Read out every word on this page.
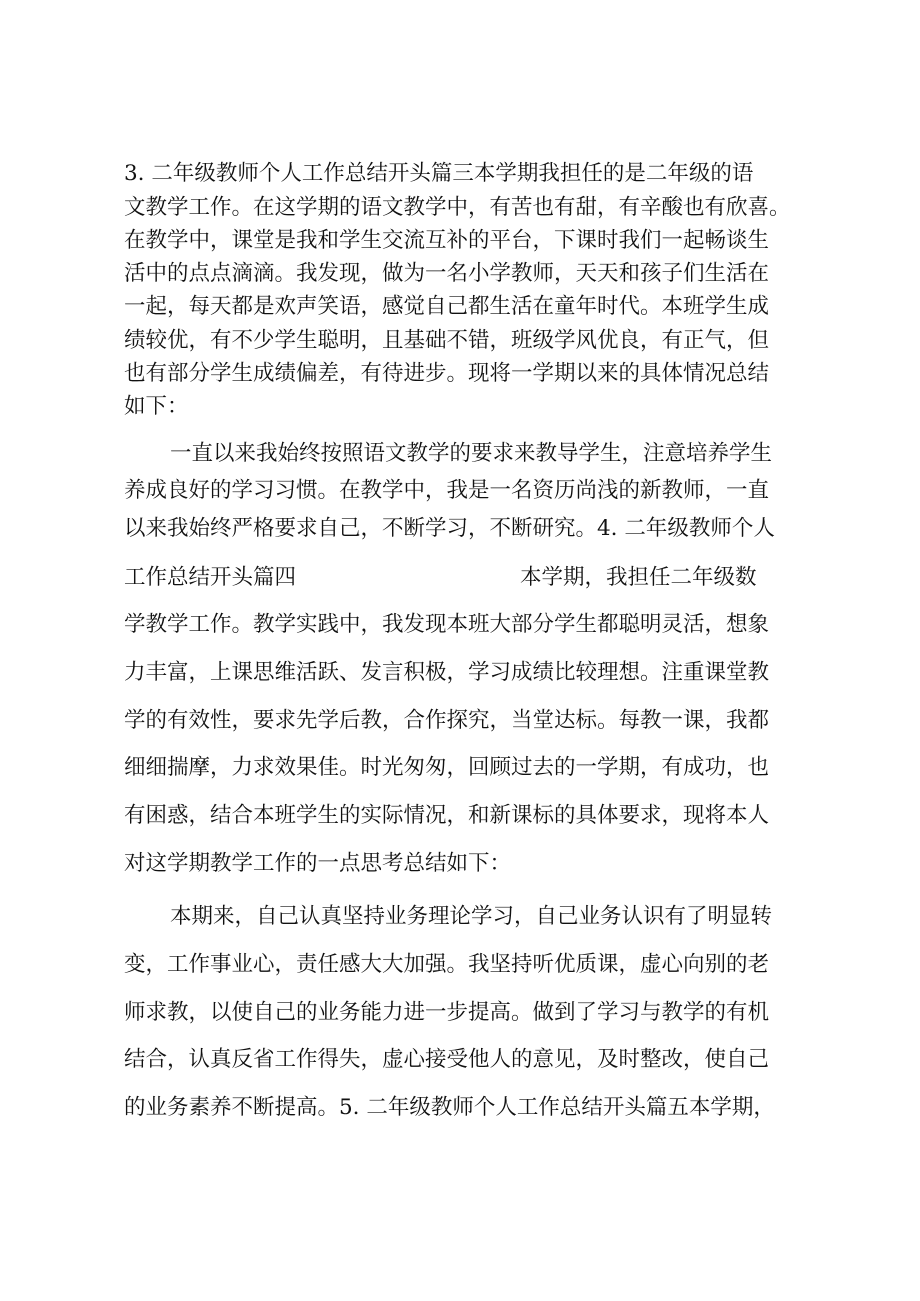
3. 二年级教师个人工作总结开头篇三本学期我担任的是二年级的语
文教学工作。在这学期的语文教学中，有苦也有甜，有辛酸也有欣喜。
在教学中，课堂是我和学生交流互补的平台，下课时我们一起畅谈生
活中的点点滴滴。我发现，做为一名小学教师，天天和孩子们生活在
一起，每天都是欢声笑语，感觉自己都生活在童年时代。本班学生成
绩较优，有不少学生聪明，且基础不错，班级学风优良，有正气，但
也有部分学生成绩偏差，有待进步。现将一学期以来的具体情况总结
如下：
一直以来我始终按照语文教学的要求来教导学生，注意培养学生
养成良好的学习习惯。在教学中，我是一名资历尚浅的新教师，一直
以来我始终严格要求自己，不断学习，不断研究。4. 二年级教师个人
工作总结开头篇四	本学期，我担任二年级数
学教学工作。教学实践中，我发现本班大部分学生都聪明灵活，想象
力丰富，上课思维活跃、发言积极，学习成绩比较理想。注重课堂教
学的有效性，要求先学后教，合作探究，当堂达标。每教一课，我都
细细揣摩，力求效果佳。时光匆匆，回顾过去的一学期，有成功，也
有困惑，结合本班学生的实际情况，和新课标的具体要求，现将本人
对这学期教学工作的一点思考总结如下：
本期来，自己认真坚持业务理论学习，自己业务认识有了明显转
变，工作事业心，责任感大大加强。我坚持听优质课，虚心向别的老
师求教，以使自己的业务能力进一步提高。做到了学习与教学的有机
结合，认真反省工作得失，虚心接受他人的意见，及时整改，使自己
的业务素养不断提高。5. 二年级教师个人工作总结开头篇五本学期，
